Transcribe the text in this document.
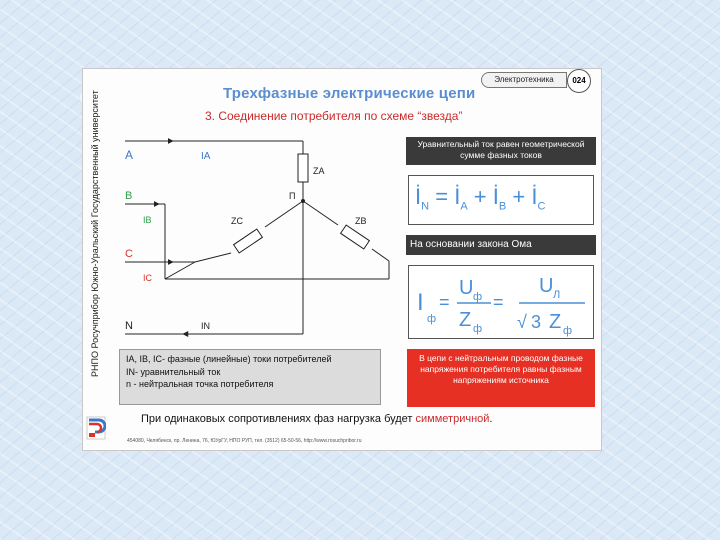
РНПО Росучприбор Южно-Уральский Государственный университет
Электротехника	024
Трехфазные электрические цепи
3. Соединение потребителя по схеме “звезда”
A
B
C
N
IA
IB
IC
IN
ZA
ZC	ZB
П
Уравнительный ток равен геометрической сумме фазных токов
$İ_N$ = $İ_A$ + $İ_B$ + $İ_C$
На основании закона Ома
I
ф
=
U ф
Z ф
=
U Л
√ 3 Z ф
IA, IB, IC- фазные (линейные) токи потребителей
IN- уравнительный ток
n - нейтральная точка потребителя
В цепи с нейтральным проводом фазные напряжения потребителя равны фазным напряжениям источника
При одинаковых сопротивлениях фаз нагрузка будет симметричной.
454080, Челябинск, пр. Ленина, 76, ЮУрГУ, НПО РУП, тел. (3512) 65-50-56, http://www.rosuchpribor.ru
